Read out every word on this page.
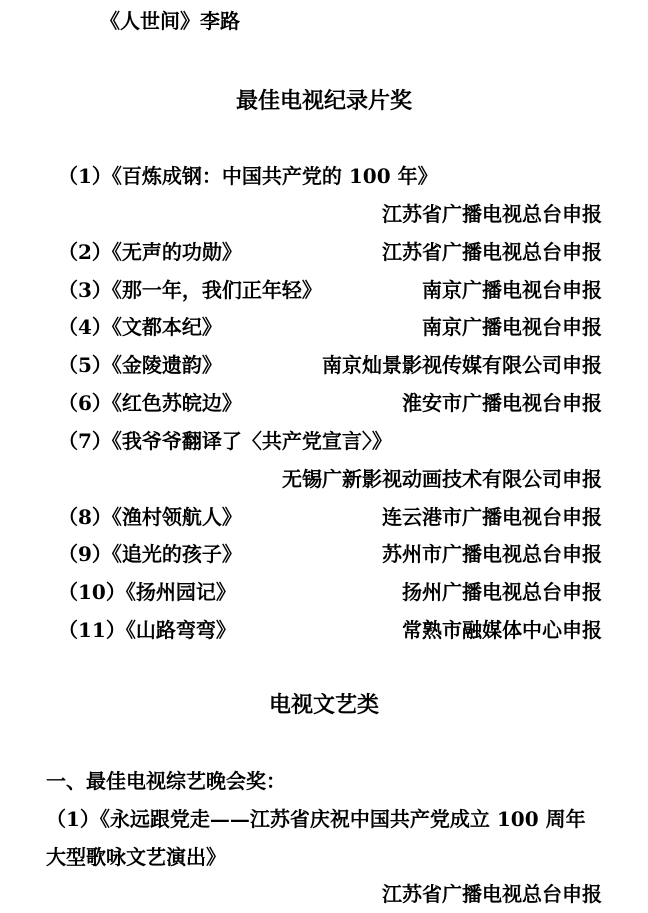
《人世间》李路
最佳电视纪录片奖
（1）《百炼成钢：中国共产党的 100 年》
江苏省广播电视总台申报
（2）《无声的功勋》	江苏省广播电视总台申报
（3）《那一年，我们正年轻》	南京广播电视台申报
（4）《文都本纪》	南京广播电视台申报
（5）《金陵遗韵》	南京灿景影视传媒有限公司申报
（6）《红色苏皖边》	淮安市广播电视台申报
（7）《我爷爷翻译了〈共产党宣言〉》
无锡广新影视动画技术有限公司申报
（8）《渔村领航人》	连云港市广播电视台申报
（9）《追光的孩子》	苏州市广播电视总台申报
（10）《扬州园记》	扬州广播电视总台申报
（11）《山路弯弯》	常熟市融媒体中心申报
电视文艺类
一、最佳电视综艺晚会奖：
（1）《永远跟党走——江苏省庆祝中国共产党成立 100 周年
大型歌咏文艺演出》
江苏省广播电视总台申报
